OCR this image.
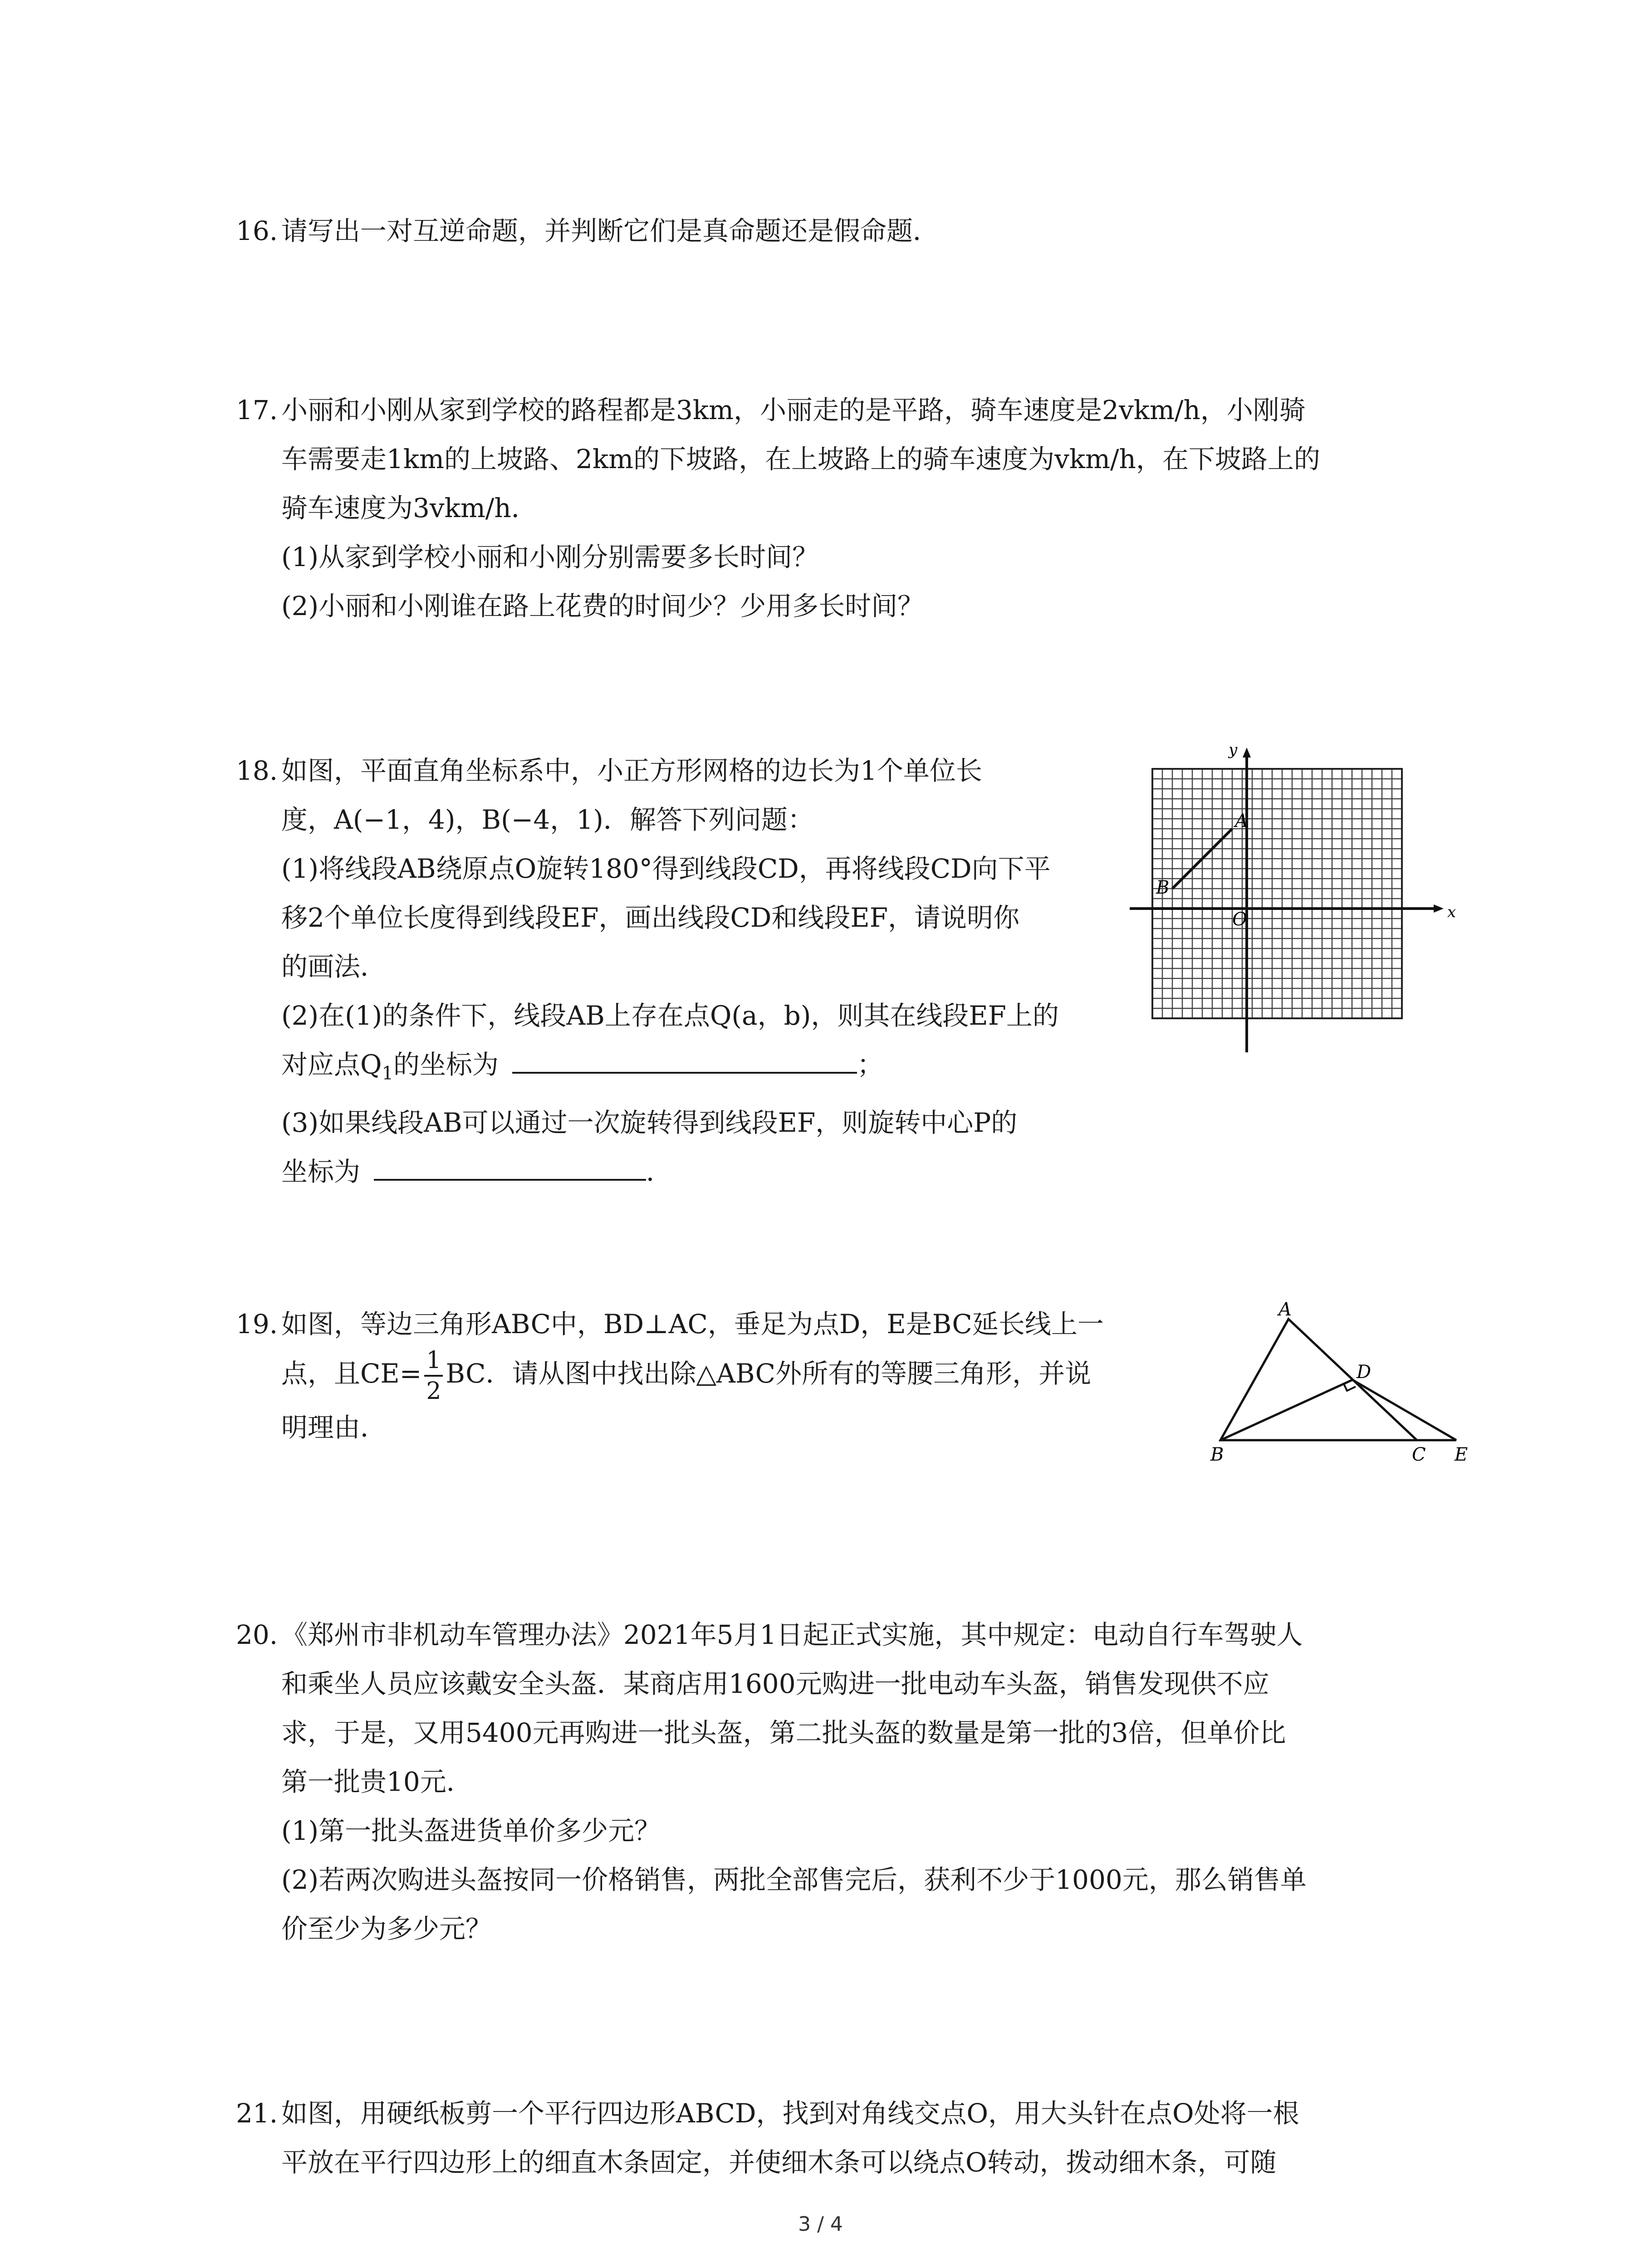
16. 请写出一对互逆命题，并判断它们是真命题还是假命题．
17. 小丽和小刚从家到学校的路程都是3km，小丽走的是平路，骑车速度是2vkm/h，小刚骑
车需要走1km的上坡路、2km的下坡路，在上坡路上的骑车速度为vkm/h，在下坡路上的
骑车速度为3vkm/h．
(1)从家到学校小丽和小刚分别需要多长时间？
(2)小丽和小刚谁在路上花费的时间少？少用多长时间？
18. 如图，平面直角坐标系中，小正方形网格的边长为1个单位长
度，A(−1，4)，B(−4，1)．解答下列问题：
(1)将线段AB绕原点O旋转180°得到线段CD，再将线段CD向下平
移2个单位长度得到线段EF，画出线段CD和线段EF，请说明你
的画法．
(2)在(1)的条件下，线段AB上存在点Q(a，b)，则其在线段EF上的
对应点$Q_1$的坐标为	；
(3)如果线段AB可以通过一次旋转得到线段EF，则旋转中心P的
坐标为	．
x
y
O
A
B
19. 如图，等边三角形ABC中，BD⊥AC，垂足为点D，E是BC延长线上一
点，且$CE= \frac{1}{2}$ BC．请从图中找出除△ABC外所有的等腰三角形，并说
明理由．
A
B	C
D
E
20. 《郑州市非机动车管理办法》2021年5月1日起正式实施，其中规定：电动自行车驾驶人
和乘坐人员应该戴安全头盔．某商店用1600元购进一批电动车头盔，销售发现供不应
求，于是，又用5400元再购进一批头盔，第二批头盔的数量是第一批的3倍，但单价比
第一批贵10元．
(1)第一批头盔进货单价多少元？
(2)若两次购进头盔按同一价格销售，两批全部售完后，获利不少于1000元，那么销售单
价至少为多少元？
21. 如图，用硬纸板剪一个平行四边形ABCD，找到对角线交点O，用大头针在点O处将一根
平放在平行四边形上的细直木条固定，并使细木条可以绕点O转动，拨动细木条，可随
3 / 4
